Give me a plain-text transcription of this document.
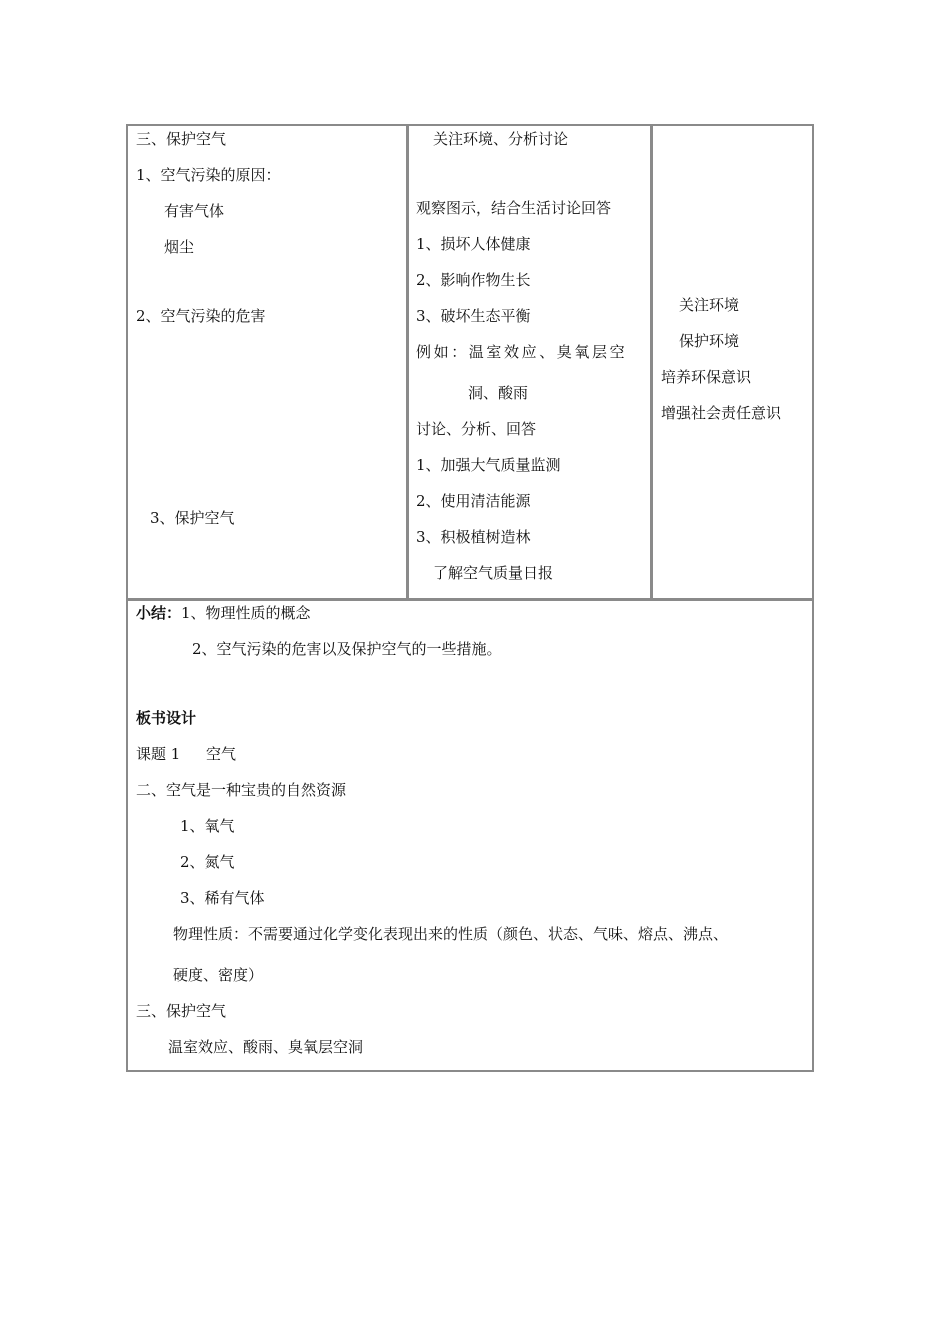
三、保护空气
1、空气污染的原因：
有害气体
烟尘
2、空气污染的危害
3、保护空气
关注环境、分析讨论
观察图示，结合生活讨论回答
1、损坏人体健康
2、影响作物生长
3、破坏生态平衡
例如：温室效应、臭氧层空
洞、酸雨
讨论、分析、回答
1、加强大气质量监测
2、使用清洁能源
3、积极植树造林
了解空气质量日报
关注环境
保护环境
培养环保意识
增强社会责任意识
小结：1、物理性质的概念
2、空气污染的危害以及保护空气的一些措施。
板书设计
课题 1 空气
二、空气是一种宝贵的自然资源
1、氧气
2、氮气
3、稀有气体
物理性质：不需要通过化学变化表现出来的性质（颜色、状态、气味、熔点、沸点、
硬度、密度）
三、保护空气
温室效应、酸雨、臭氧层空洞
